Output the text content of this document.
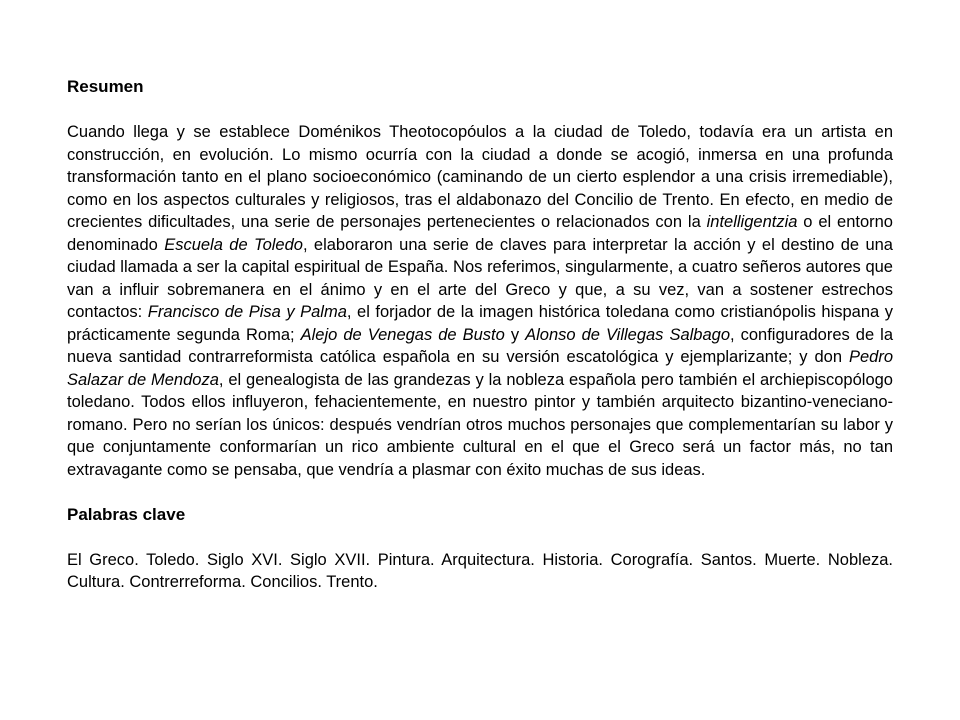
Resumen

Cuando llega y se establece Doménikos Theotocopóulos a la ciudad de Toledo, todavía era un artista en construcción, en evolución. Lo mismo ocurría con la ciudad a donde se acogió, inmersa en una profunda transformación tanto en el plano socioeconómico (caminando de un cierto esplendor a una crisis irremediable), como en los aspectos culturales y religiosos, tras el aldabonazo del Concilio de Trento. En efecto, en medio de crecientes dificultades, una serie de personajes pertenecientes o relacionados con la intelligentzia o el entorno denominado Escuela de Toledo, elaboraron una serie de claves para interpretar la acción y el destino de una ciudad llamada a ser la capital espiritual de España. Nos referimos, singularmente, a cuatro señeros autores que van a influir sobremanera en el ánimo y en el arte del Greco y que, a su vez, van a sostener estrechos contactos: Francisco de Pisa y Palma, el forjador de la imagen histórica toledana como cristianópolis hispana y prácticamente segunda Roma; Alejo de Venegas de Busto y Alonso de Villegas Salbago, configuradores de la nueva santidad contrarreformista católica española en su versión escatológica y ejemplarizante; y don Pedro Salazar de Mendoza, el genealogista de las grandezas y la nobleza española pero también el archiepiscopólogo toledano. Todos ellos influyeron, fehacientemente, en nuestro pintor y también arquitecto bizantino-veneciano-romano. Pero no serían los únicos: después vendrían otros muchos personajes que complementarían su labor y que conjuntamente conformarían un rico ambiente cultural en el que el Greco será un factor más, no tan extravagante como se pensaba, que vendría a plasmar con éxito muchas de sus ideas.

Palabras clave

El Greco. Toledo. Siglo XVI. Siglo XVII. Pintura. Arquitectura. Historia. Corografía. Santos. Muerte. Nobleza. Cultura. Contrerreforma. Concilios. Trento.
